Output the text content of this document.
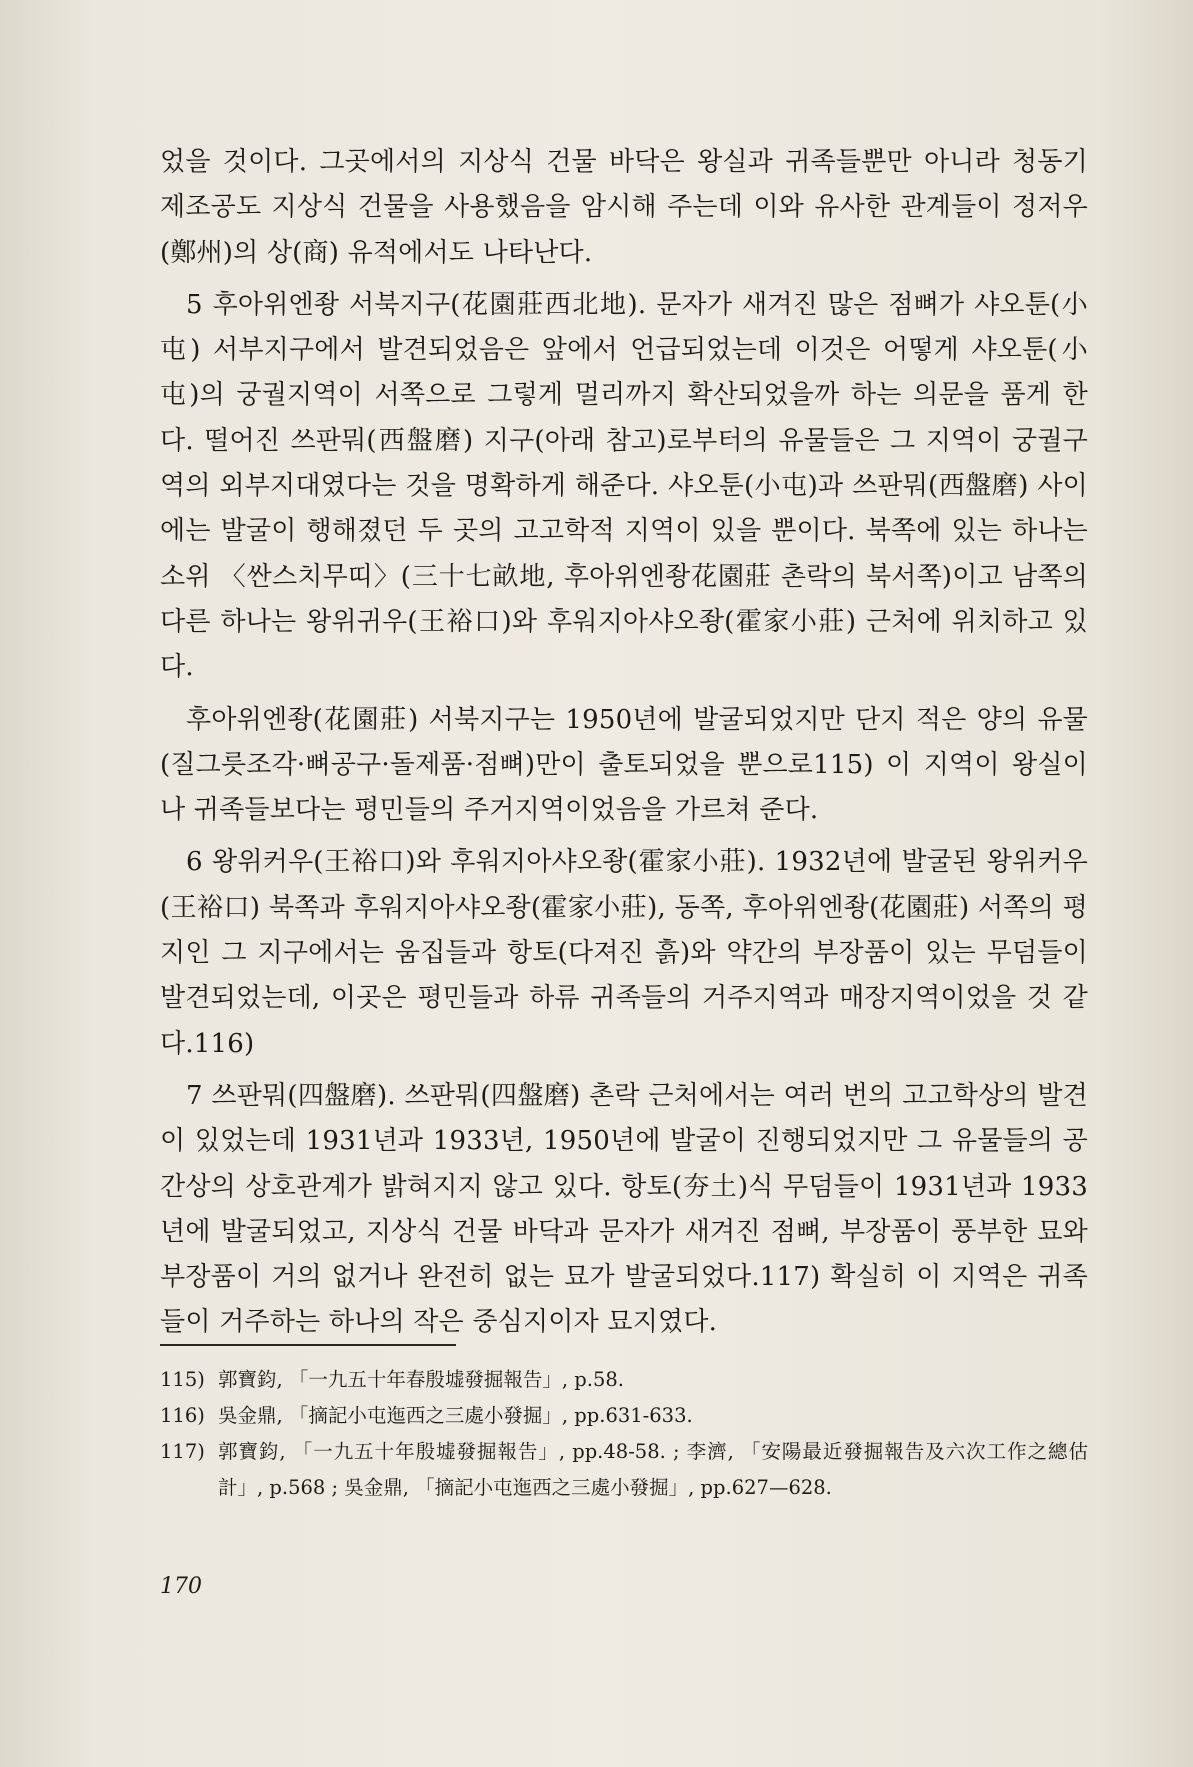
었을 것이다. 그곳에서의 지상식 건물 바닥은 왕실과 귀족들뿐만 아니라 청동기 제조공도 지상식 건물을 사용했음을 암시해 주는데 이와 유사한 관계들이 정저우(鄭州)의 상(商) 유적에서도 나타난다.

5 후아위엔좡 서북지구(花園莊西北地). 문자가 새겨진 많은 점뼈가 샤오툰(小屯) 서부지구에서 발견되었음은 앞에서 언급되었는데 이것은 어떻게 샤오툰(小屯)의 궁궐지역이 서쪽으로 그렇게 멀리까지 확산되었을까 하는 의문을 품게 한다. 떨어진 쓰판뭐(西盤磨) 지구(아래 참고)로부터의 유물들은 그 지역이 궁궐구역의 외부지대였다는 것을 명확하게 해준다. 샤오툰(小屯)과 쓰판뭐(西盤磨) 사이에는 발굴이 행해졌던 두 곳의 고고학적 지역이 있을 뿐이다. 북쪽에 있는 하나는 소위 〈싼스치무띠〉(三十七畝地, 후아위엔좡花園莊 촌락의 북서쪽)이고 남쪽의 다른 하나는 왕위귀우(王裕口)와 후워지아샤오좡(霍家小莊) 근처에 위치하고 있다.

후아위엔좡(花園莊) 서북지구는 1950년에 발굴되었지만 단지 적은 양의 유물(질그릇조각·뼈공구·돌제품·점뼈)만이 출토되었을 뿐으로115) 이 지역이 왕실이나 귀족들보다는 평민들의 주거지역이었음을 가르쳐 준다.

6 왕위커우(王裕口)와 후워지아샤오좡(霍家小莊). 1932년에 발굴된 왕위커우(王裕口) 북쪽과 후워지아샤오좡(霍家小莊), 동쪽, 후아위엔좡(花園莊) 서쪽의 평지인 그 지구에서는 움집들과 항토(다져진 흙)와 약간의 부장품이 있는 무덤들이 발견되었는데, 이곳은 평민들과 하류 귀족들의 거주지역과 매장지역이었을 것 같다.116)

7 쓰판뭐(四盤磨). 쓰판뭐(四盤磨) 촌락 근처에서는 여러 번의 고고학상의 발견이 있었는데 1931년과 1933년, 1950년에 발굴이 진행되었지만 그 유물들의 공간상의 상호관계가 밝혀지지 않고 있다. 항토(夯土)식 무덤들이 1931년과 1933년에 발굴되었고, 지상식 건물 바닥과 문자가 새겨진 점뼈, 부장품이 풍부한 묘와 부장품이 거의 없거나 완전히 없는 묘가 발굴되었다.117) 확실히 이 지역은 귀족들이 거주하는 하나의 작은 중심지이자 묘지였다.

115) 郭寶鈞, 「一九五十年春殷墟發掘報告」, p.58.
116) 吳金鼎, 「摘記小屯迤西之三處小發掘」, pp.631-633.
117) 郭寶鈞, 「一九五十年殷墟發掘報告」, pp.48-58. ; 李濟, 「安陽最近發掘報告及六次工作之總估計」, p.568 ; 吳金鼎, 「摘記小屯迤西之三處小發掘」, pp.627—628.
170
